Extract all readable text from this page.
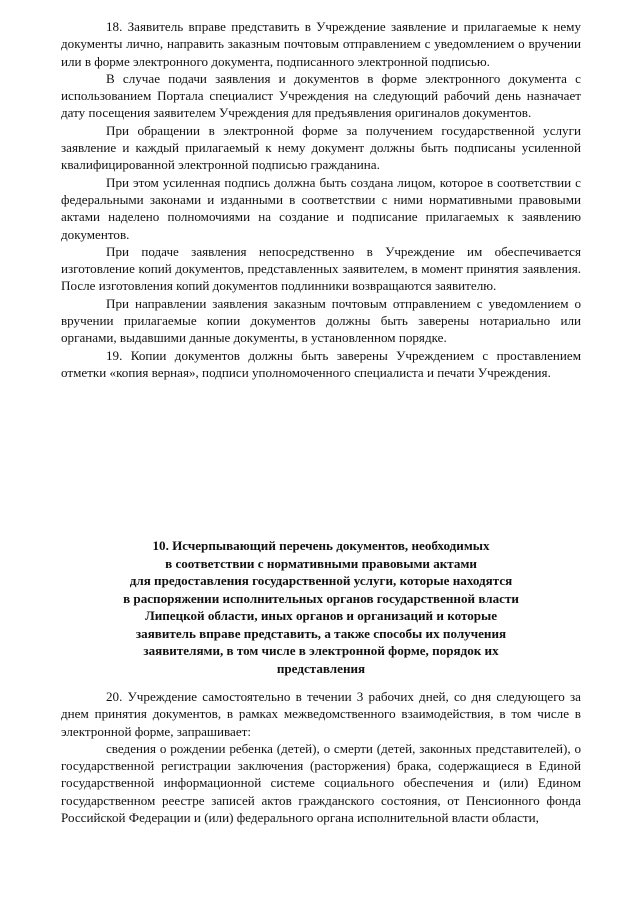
18. Заявитель вправе представить в Учреждение заявление и прилагаемые к нему документы лично, направить заказным почтовым отправлением с уведомлением о вручении или в форме электронного документа, подписанного электронной подписью.

В случае подачи заявления и документов в форме электронного документа с использованием Портала специалист Учреждения на следующий рабочий день назначает дату посещения заявителем Учреждения для предъявления оригиналов документов.

При обращении в электронной форме за получением государственной услуги заявление и каждый прилагаемый к нему документ должны быть подписаны усиленной квалифицированной электронной подписью гражданина.

При этом усиленная подпись должна быть создана лицом, которое в соответствии с федеральными законами и изданными в соответствии с ними нормативными правовыми актами наделено полномочиями на создание и подписание прилагаемых к заявлению документов.

При подаче заявления непосредственно в Учреждение им обеспечивается изготовление копий документов, представленных заявителем, в момент принятия заявления. После изготовления копий документов подлинники возвращаются заявителю.

При направлении заявления заказным почтовым отправлением с уведомлением о вручении прилагаемые копии документов должны быть заверены нотариально или органами, выдавшими данные документы, в установленном порядке.

19. Копии документов должны быть заверены Учреждением с проставлением отметки «копия верная», подписи уполномоченного специалиста и печати Учреждения.

10. Исчерпывающий перечень документов, необходимых
в соответствии с нормативными правовыми актами
для предоставления государственной услуги, которые находятся
в распоряжении исполнительных органов государственной власти
Липецкой области, иных органов и организаций и которые
заявитель вправе представить, а также способы их получения
заявителями, в том числе в электронной форме, порядок их
представления

20. Учреждение самостоятельно в течении 3 рабочих дней, со дня следующего за днем принятия документов, в рамках межведомственного взаимодействия, в том числе в электронной форме, запрашивает:

сведения о рождении ребенка (детей), о смерти (детей, законных представителей), о государственной регистрации заключения (расторжения) брака, содержащиеся в Единой государственной информационной системе социального обеспечения и (или) Едином государственном реестре записей актов гражданского состояния, от Пенсионного фонда Российской Федерации и (или) федерального органа исполнительной власти области,
